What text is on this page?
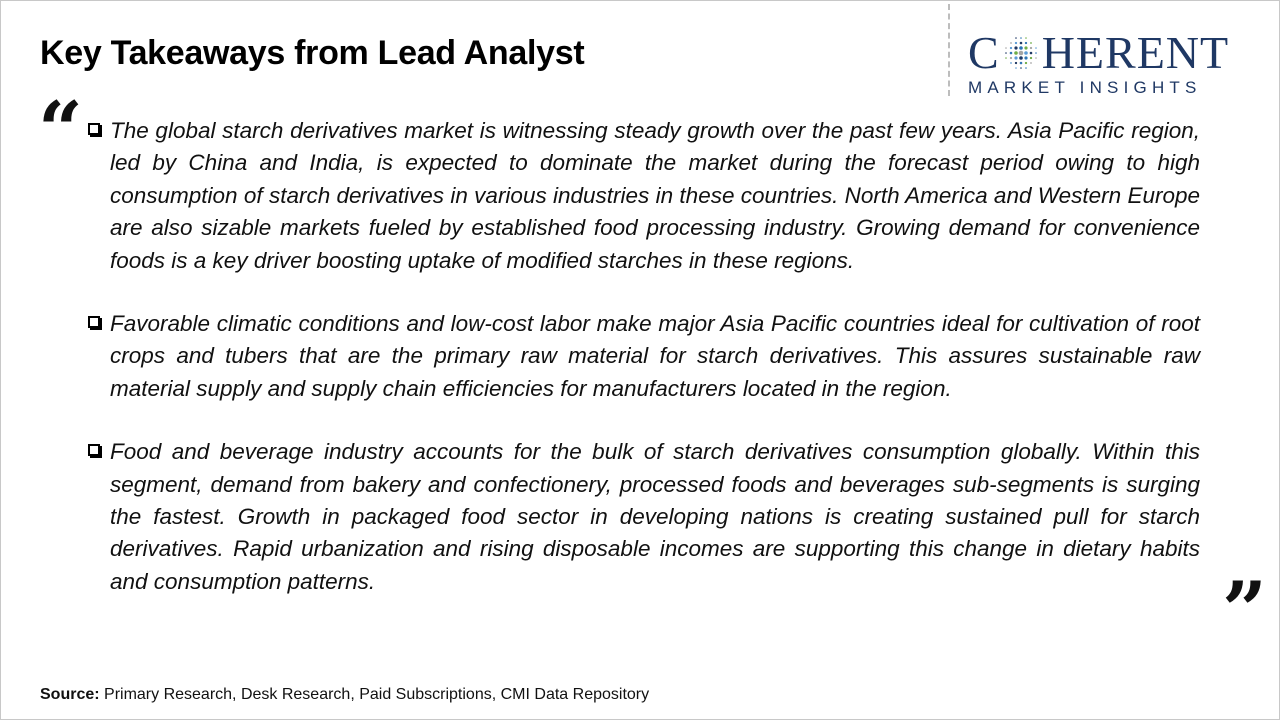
Key Takeaways from Lead Analyst	C HERENT
MARKET INSIGHTS
“ The global starch derivatives market is witnessing steady growth over the past few years. Asia Pacific region, led by China and India, is expected to dominate the market during the forecast period owing to high consumption of starch derivatives in various industries in these countries. North America and Western Europe are also sizable markets fueled by established food processing industry. Growing demand for convenience foods is a key driver boosting uptake of modified starches in these regions.

Favorable climatic conditions and low-cost labor make major Asia Pacific countries ideal for cultivation of root crops and tubers that are the primary raw material for starch derivatives. This assures sustainable raw material supply and supply chain efficiencies for manufacturers located in the region.

Food and beverage industry accounts for the bulk of starch derivatives consumption globally. Within this segment, demand from bakery and confectionery, processed foods and beverages sub-segments is surging the fastest. Growth in packaged food sector in developing nations is creating sustained pull for starch derivatives. Rapid urbanization and rising disposable incomes are supporting this change in dietary habits and consumption patterns.	”
Source: Primary Research, Desk Research, Paid Subscriptions, CMI Data Repository
